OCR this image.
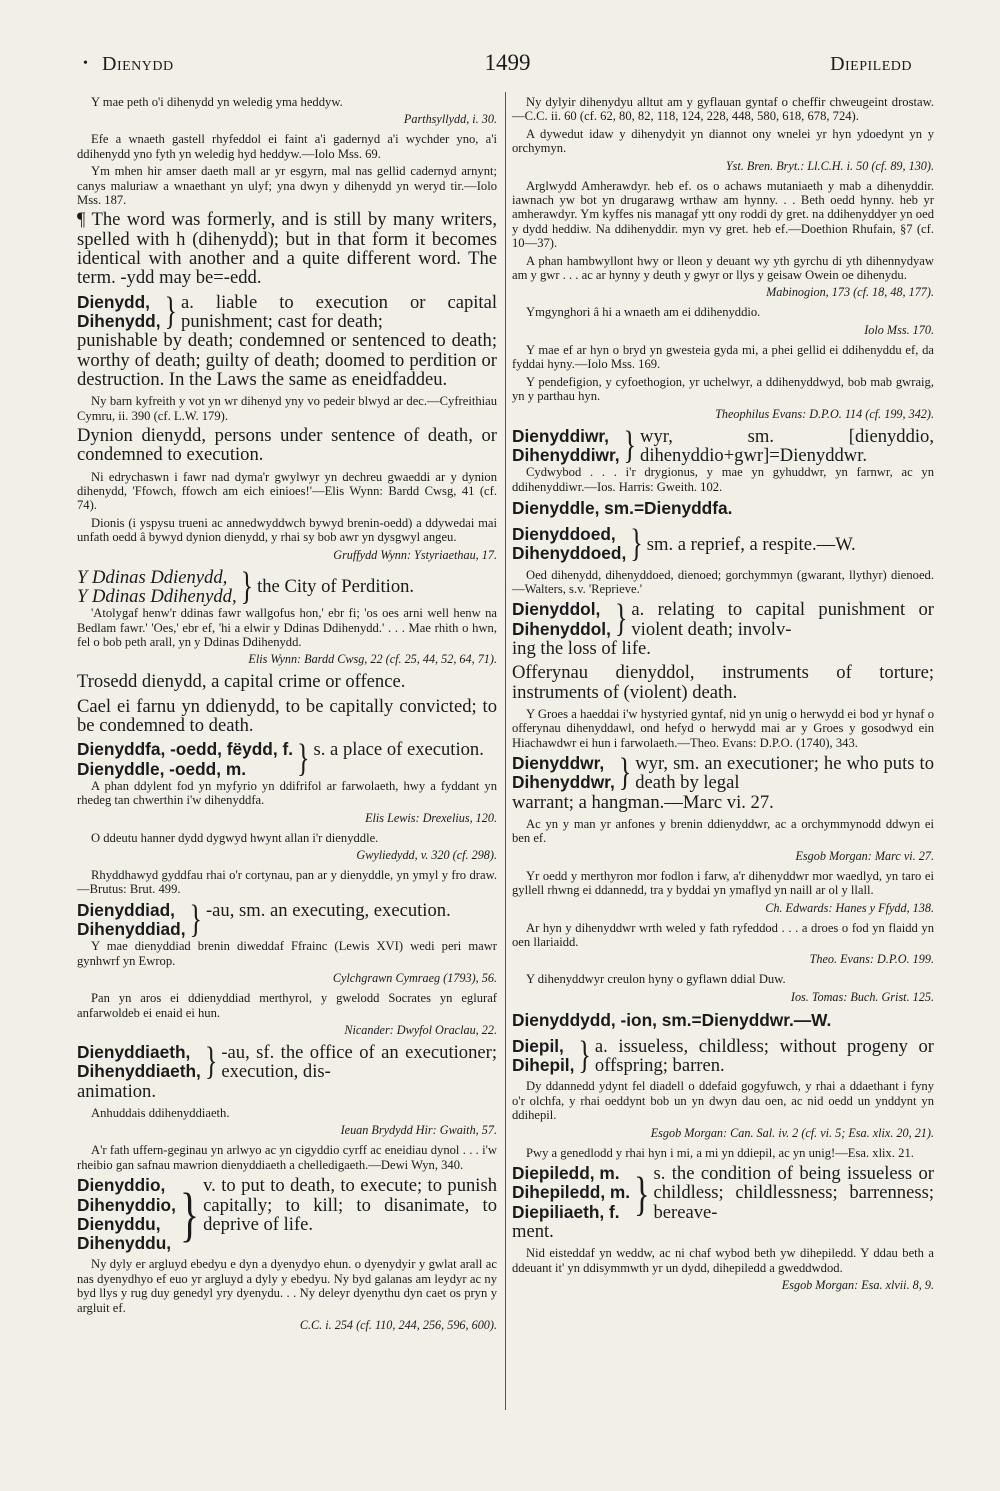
• Dienydd	1499	Diepiledd

Y mae peth o'i dihenydd yn weledig yma heddyw.

Parthsyllydd, i. 30.

Efe a wnaeth gastell rhyfeddol ei faint a'i gadernyd a'i wychder yno, a'i ddihenydd yno fyth yn weledig hyd heddyw.—Iolo Mss. 69.

Ym mhen hir amser daeth mall ar yr esgyrn, mal nas gellid cadernyd arnynt; canys maluriaw a wnaethant yn ulyf; yna dwyn y dihenydd yn weryd tir.—Iolo Mss. 187.

¶ The word was formerly, and is still by many writers, spelled with h (dihenydd); but in that form it becomes identical with another and a quite different word. The term. -ydd may be=-edd.

Dienydd,
Dihenydd, } a. liable to execution or capital punishment; cast for death;
punishable by death; condemned or sentenced to death; worthy of death; guilty of death; doomed to perdition or destruction. In the Laws the same as eneidfaddeu.

Ny barn kyfreith y vot yn wr dihenyd yny vo pedeir blwyd ar dec.—Cyfreithiau Cymru, ii. 390 (cf. L.W. 179).

Dynion dienydd, persons under sentence of death, or condemned to execution.

Ni edrychaswn i fawr nad dyma'r gwylwyr yn dechreu gwaeddi ar y dynion dihenydd, 'Ffowch, ffowch am eich einioes!'—Elis Wynn: Bardd Cwsg, 41 (cf. 74).

Dionis (i yspysu trueni ac annedwyddwch bywyd brenin-oedd) a ddywedai mai unfath oedd â bywyd dynion dienydd, y rhai sy bob awr yn dysgwyl angeu.

Gruffydd Wynn: Ystyriaethau, 17.

Y Ddinas Ddienydd,
Y Ddinas Ddihenydd, } the City of Perdition.

'Atolygaf henw'r ddinas fawr wallgofus hon,' ebr fi; 'os oes arni well henw na Bedlam fawr.' 'Oes,' ebr ef, 'hi a elwir y Ddinas Ddihenydd.' . . . Mae rhith o hwn, fel o bob peth arall, yn y Ddinas Ddihenydd.

Elis Wynn: Bardd Cwsg, 22 (cf. 25, 44, 52, 64, 71).

Trosedd dienydd, a capital crime or offence.

Cael ei farnu yn ddienydd, to be capitally convicted; to be condemned to death.

Dienyddfa, -oedd, fëydd, f.
Dienyddle, -oedd, m.	} s. a place of execution.

A phan ddylent fod yn myfyrio yn ddifrifol ar farwolaeth, hwy a fyddant yn rhedeg tan chwerthin i'w dihenyddfa.

Elis Lewis: Drexelius, 120.

O ddeutu hanner dydd dygwyd hwynt allan i'r dienyddle.

Gwyliedydd, v. 320 (cf. 298).

Rhyddhawyd gyddfau rhai o'r cortynau, pan ar y dienyddle, yn ymyl y fro draw.—Brutus: Brut. 499.

Dienyddiad,
Dihenyddiad, } -au, sm. an executing, execution.

Y mae dienyddiad brenin diweddaf Ffrainc (Lewis XVI) wedi peri mawr gynhwrf yn Ewrop.

Cylchgrawn Cymraeg (1793), 56.

Pan yn aros ei ddienyddiad merthyrol, y gwelodd Socrates yn egluraf anfarwoldeb ei enaid ei hun.

Nicander: Dwyfol Oraclau, 22.

Dienyddiaeth,
Dihenyddiaeth, } -au, sf. the office of an executioner; execution, dis-
animation.

Anhuddais ddihenyddiaeth.

Ieuan Brydydd Hir: Gwaith, 57.

A'r fath uffern-geginau yn arlwyo ac yn cigyddio cyrff ac eneidiau dynol . . . i'w rheibio gan safnau mawrion dienyddiaeth a chelledigaeth.—Dewi Wyn, 340.

Dienyddio,
Dihenyddio,
Dienyddu,
Dihenyddu, } v. to put to death, to execute; to punish capitally; to kill; to disanimate, to deprive of life.

Ny dyly er argluyd ebedyu e dyn a dyenydyo ehun. o dyenydyir y gwlat arall ac nas dyenydhyo ef euo yr argluyd a dyly y ebedyu. Ny byd galanas am leydyr ac ny byd llys y rug duy genedyl yry dyenydu. . . Ny deleyr dyenythu dyn caet os pryn y argluit ef.

C.C. i. 254 (cf. 110, 244, 256, 596, 600).

Ny dylyir dihenydyu alltut am y gyflauan gyntaf o cheffir chweugeint drostaw.—C.C. ii. 60 (cf. 62, 80, 82, 118, 124, 228, 448, 580, 618, 678, 724).

A dywedut idaw y dihenydyit yn diannot ony wnelei yr hyn ydoedynt yn y orchymyn.

Yst. Bren. Bryt.: Ll.C.H. i. 50 (cf. 89, 130).

Arglwydd Amherawdyr. heb ef. os o achaws mutaniaeth y mab a dihenyddir. iawnach yw bot yn drugarawg wrthaw am hynny. . . Beth oedd hynny. heb yr amherawdyr. Ym kyffes nis managaf ytt ony roddi dy gret. na ddihenyddyer yn oed y dydd heddiw. Na ddihenyddir. myn vy gret. heb ef.—Doethion Rhufain, §7 (cf. 10—37).

A phan hambwyllont hwy or lleon y deuant wy yth gyrchu di yth dihennydyaw am y gwr . . . ac ar hynny y deuth y gwyr or llys y geisaw Owein oe dihenydu.

Mabinogion, 173 (cf. 18, 48, 177).

Ymgynghori â hi a wnaeth am ei ddihenyddio.

Iolo Mss. 170.

Y mae ef ar hyn o bryd yn gwesteia gyda mi, a phei gellid ei ddihenyddu ef, da fyddai hyny.—Iolo Mss. 169.

Y pendefigion, y cyfoethogion, yr uchelwyr, a ddihenyddwyd, bob mab gwraig, yn y parthau hyn.

Theophilus Evans: D.P.O. 114 (cf. 199, 342).

Dienyddiwr,
Dihenyddiwr, } wyr, sm. [dienyddio, dihenyddio+gwr]=Dienyddwr.

Cydwybod . . . i'r drygionus, y mae yn gyhuddwr, yn farnwr, ac yn ddihenyddiwr.—Ios. Harris: Gweith. 102.

Dienyddle, sm.=Dienyddfa.

Dienyddoed,
Dihenyddoed, } sm. a reprief, a respite.—W.

Oed dihenydd, dihenyddoed, dienoed; gorchymmyn (gwarant, llythyr) dienoed.—Walters, s.v. 'Reprieve.'

Dienyddol,
Dihenyddol, } a. relating to capital punishment or violent death; involv-
ing the loss of life.

Offerynau dienyddol, instruments of torture; instruments of (violent) death.

Y Groes a haeddai i'w hystyried gyntaf, nid yn unig o herwydd ei bod yr hynaf o offerynau dihenyddawl, ond hefyd o herwydd mai ar y Groes y gosodwyd ein Hiachawdwr ei hun i farwolaeth.—Theo. Evans: D.P.O. (1740), 343.

Dienyddwr,
Dihenyddwr, } wyr, sm. an executioner; he who puts to death by legal
warrant; a hangman.—Marc vi. 27.

Ac yn y man yr anfones y brenin ddienyddwr, ac a orchymmynodd ddwyn ei ben ef.

Esgob Morgan: Marc vi. 27.

Yr oedd y merthyron mor fodlon i farw, a'r dihenyddwr mor waedlyd, yn taro ei gyllell rhwng ei ddannedd, tra y byddai yn ymaflyd yn naill ar ol y llall.

Ch. Edwards: Hanes y Ffydd, 138.

Ar hyn y dihenyddwr wrth weled y fath ryfeddod . . . a droes o fod yn flaidd yn oen llariaidd.

Theo. Evans: D.P.O. 199.

Y dihenyddwyr creulon hyny o gyflawn ddial Duw.

Ios. Tomas: Buch. Grist. 125.

Dienyddydd, -ion, sm.=Dienyddwr.—W.

Diepil,
Dihepil, } a. issueless, childless; without progeny or offspring; barren.

Dy ddannedd ydynt fel diadell o ddefaid gogyfuwch, y rhai a ddaethant i fyny o'r olchfa, y rhai oeddynt bob un yn dwyn dau oen, ac nid oedd un ynddynt yn ddihepil.

Esgob Morgan: Can. Sal. iv. 2 (cf. vi. 5; Esa. xlix. 20, 21).

Pwy a genedlodd y rhai hyn i mi, a mi yn ddiepil, ac yn unig!—Esa. xlix. 21.

Diepiledd, m.
Dihepiledd, m.
Diepiliaeth, f. } s. the condition of being issueless or childless; childlessness; barrenness; bereave-
ment.

Nid eisteddaf yn weddw, ac ni chaf wybod beth yw dihepiledd. Y ddau beth a ddeuant it' yn ddisymmwth yr un dydd, dihepiledd a gweddwdod.

Esgob Morgan: Esa. xlvii. 8, 9.
